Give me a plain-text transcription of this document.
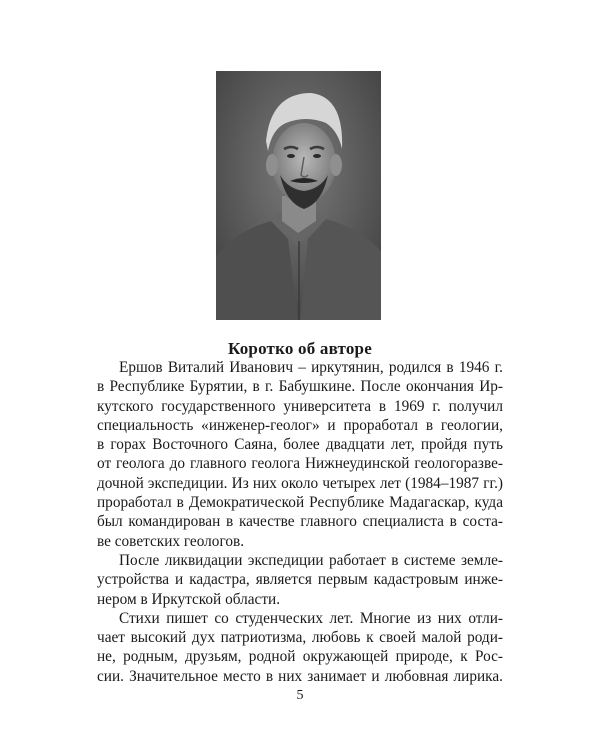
Коротко об авторе
Ершов Виталий Иванович – иркутянин, родился в 1946 г.
в Республике Бурятии, в г. Бабушкине. После окончания Ир-
кутского государственного университета в 1969 г. получил
специальность «инженер-геолог» и проработал в геологии,
в горах Восточного Саяна, более двадцати лет, пройдя путь
от геолога до главного геолога Нижнеудинской геологоразве-
дочной экспедиции. Из них около четырех лет (1984–1987 гг.)
проработал в Демократической Республике Мадагаскар, куда
был командирован в качестве главного специалиста в соста-
ве советских геологов.
После ликвидации экспедиции работает в системе земле-
устройства и кадастра, является первым кадастровым инже-
нером в Иркутской области.
Стихи пишет со студенческих лет. Многие из них отли-
чает высокий дух патриотизма, любовь к своей малой роди-
не, родным, друзьям, родной окружающей природе, к Рос-
сии. Значительное место в них занимает и любовная лирика.
5
